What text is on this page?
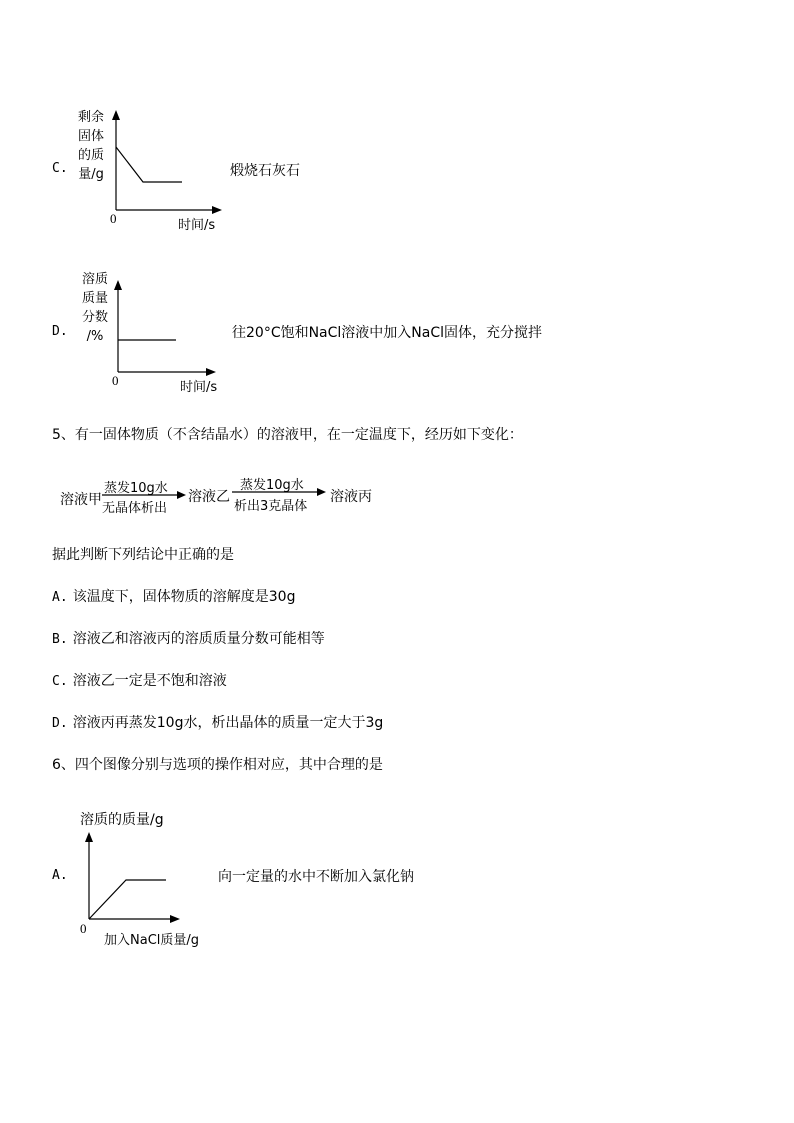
C.
剩余
固体
的质
量/g
0	时间/s
煅烧石灰石
D.
溶质
质量
分数
/%
0	时间/s
往20°C饱和NaCl溶液中加入NaCl固体，充分搅拌
5、有一固体物质（不含结晶水）的溶液甲，在一定温度下，经历如下变化：
溶液甲
蒸发10g水
无晶体析出
溶液乙
蒸发10g水
析出3克晶体
溶液丙
据此判断下列结论中正确的是
A. 该温度下，固体物质的溶解度是30g
B. 溶液乙和溶液丙的溶质质量分数可能相等
C. 溶液乙一定是不饱和溶液
D. 溶液丙再蒸发10g水，析出晶体的质量一定大于3g
6、四个图像分别与选项的操作相对应，其中合理的是
A.
溶质的质量/g
0
加入NaCl质量/g
向一定量的水中不断加入氯化钠
